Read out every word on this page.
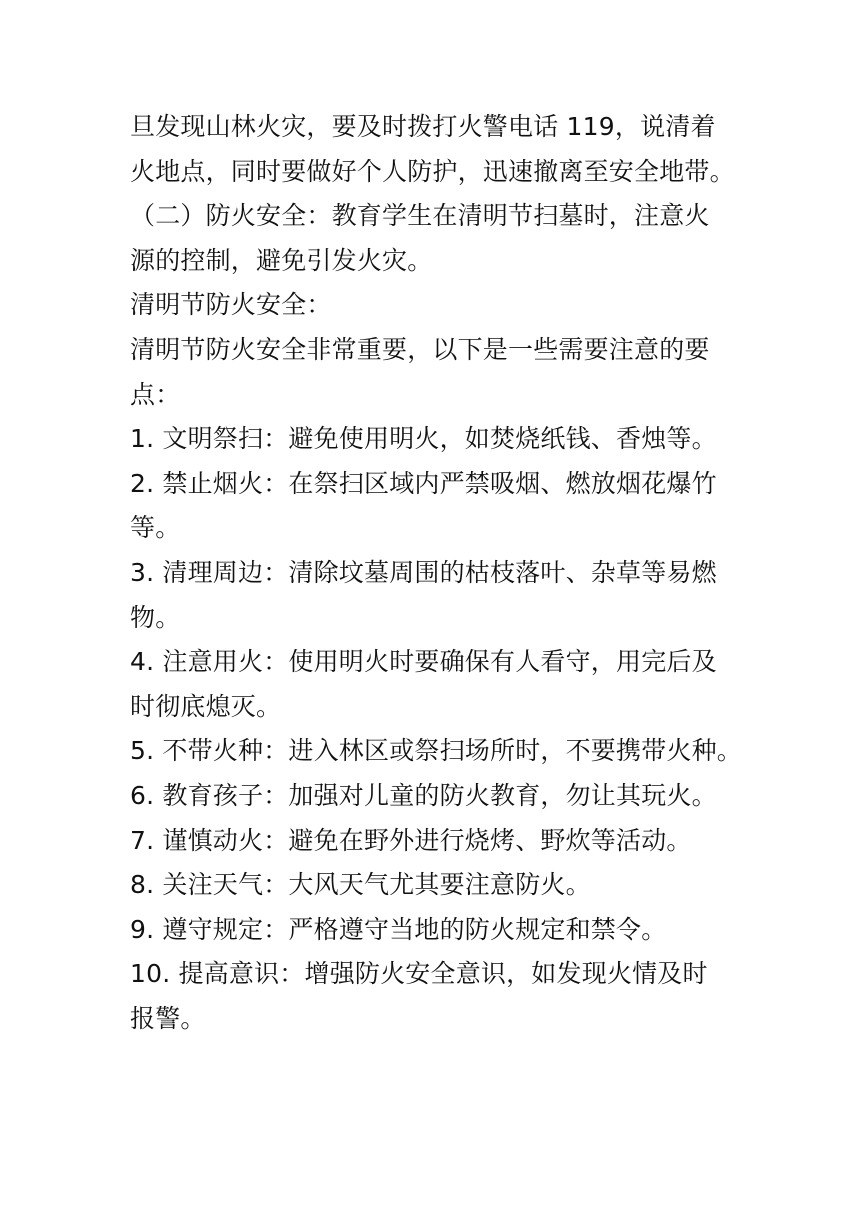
旦发现山林火灾，要及时拨打火警电话 119，说清着
火地点，同时要做好个人防护，迅速撤离至安全地带。
（二）防火安全：教育学生在清明节扫墓时，注意火
源的控制，避免引发火灾。
清明节防火安全：
清明节防火安全非常重要，以下是一些需要注意的要
点：
1. 文明祭扫：避免使用明火，如焚烧纸钱、香烛等。
2. 禁止烟火：在祭扫区域内严禁吸烟、燃放烟花爆竹
等。
3. 清理周边：清除坟墓周围的枯枝落叶、杂草等易燃
物。
4. 注意用火：使用明火时要确保有人看守，用完后及
时彻底熄灭。
5. 不带火种：进入林区或祭扫场所时，不要携带火种。
6. 教育孩子：加强对儿童的防火教育，勿让其玩火。
7. 谨慎动火：避免在野外进行烧烤、野炊等活动。
8. 关注天气：大风天气尤其要注意防火。
9. 遵守规定：严格遵守当地的防火规定和禁令。
10. 提高意识：增强防火安全意识，如发现火情及时
报警。
